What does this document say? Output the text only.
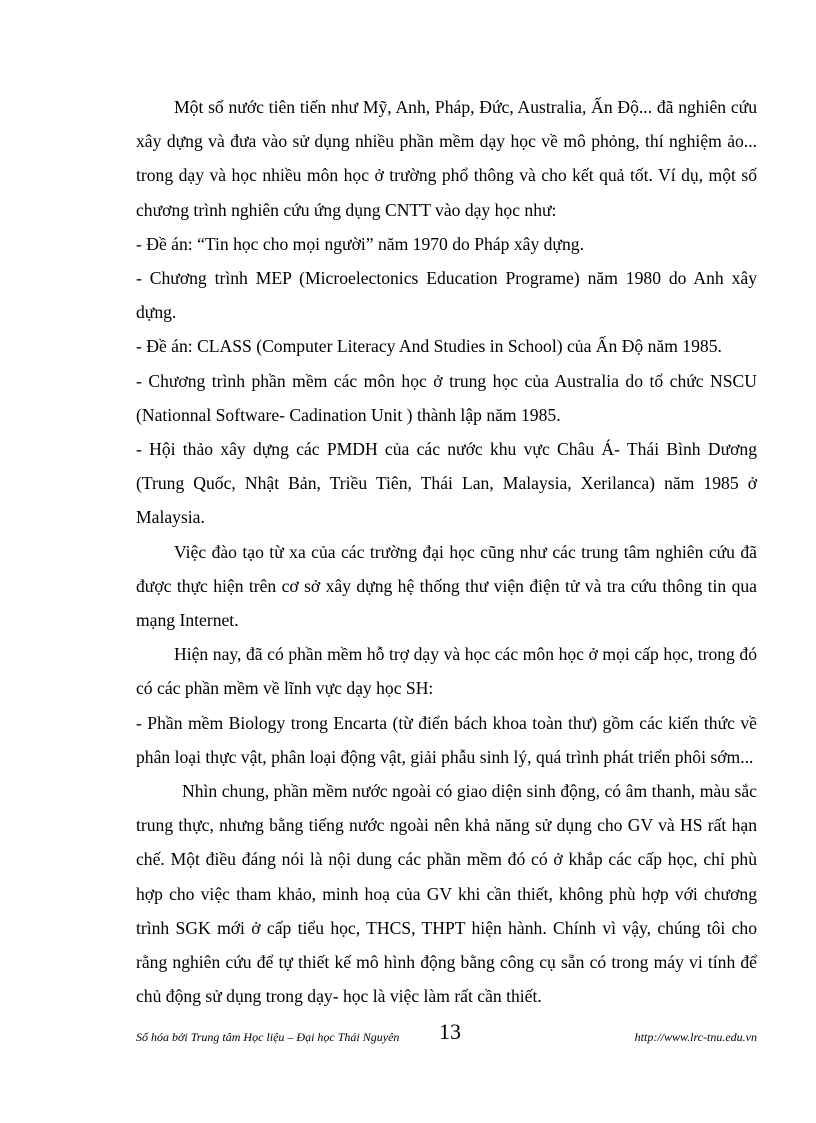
Một số nước tiên tiến như Mỹ, Anh, Pháp, Đức, Australia, Ấn Độ... đã nghiên cứu xây dựng và đưa vào sử dụng nhiều phần mềm dạy học về mô phỏng, thí nghiệm ảo... trong dạy và học nhiều môn học ở trường phổ thông và cho kết quả tốt. Ví dụ, một số chương trình nghiên cứu ứng dụng CNTT vào dạy học như:

- Đề án: “Tin học cho mọi người” năm 1970 do Pháp xây dựng.

- Chương trình MEP (Microelectonics Education Programe) năm 1980 do Anh xây dựng.

- Đề án: CLASS (Computer Literacy And Studies in School) của Ấn Độ năm 1985.

- Chương trình phần mềm các môn học ở trung học của Australia do tổ chức NSCU (Nationnal Software- Cadination Unit ) thành lập năm 1985.

- Hội thảo xây dựng các PMDH của các nước khu vực Châu Á- Thái Bình Dương (Trung Quốc, Nhật Bản, Triều Tiên, Thái Lan, Malaysia, Xerilanca) năm 1985 ở Malaysia.

Việc đào tạo từ xa của các trường đại học cũng như các trung tâm nghiên cứu đã được thực hiện trên cơ sở xây dựng hệ thống thư viện điện tử và tra cứu thông tin qua mạng Internet.

Hiện nay, đã có phần mềm hỗ trợ dạy và học các môn học ở mọi cấp học, trong đó có các phần mềm về lĩnh vực dạy học SH:

- Phần mềm Biology trong Encarta (từ điển bách khoa toàn thư) gồm các kiến thức về phân loại thực vật, phân loại động vật, giải phẫu sinh lý, quá trình phát triển phôi sớm...

Nhìn chung, phần mềm nước ngoài có giao diện sinh động, có âm thanh, màu sắc trung thực, nhưng bằng tiếng nước ngoài nên khả năng sử dụng cho GV và HS rất hạn chế. Một điều đáng nói là nội dung các phần mềm đó có ở khắp các cấp học, chỉ phù hợp cho việc tham khảo, minh hoạ của GV khi cần thiết, không phù hợp với chương trình SGK mới ở cấp tiểu học, THCS, THPT hiện hành. Chính vì vậy, chúng tôi cho rằng nghiên cứu để tự thiết kế mô hình động bằng công cụ sẵn có trong máy vi tính để chủ động sử dụng trong dạy- học là việc làm rất cần thiết.

Số hóa bởi Trung tâm Học liệu – Đại học Thái Nguyên 13	http://www.lrc-tnu.edu.vn
